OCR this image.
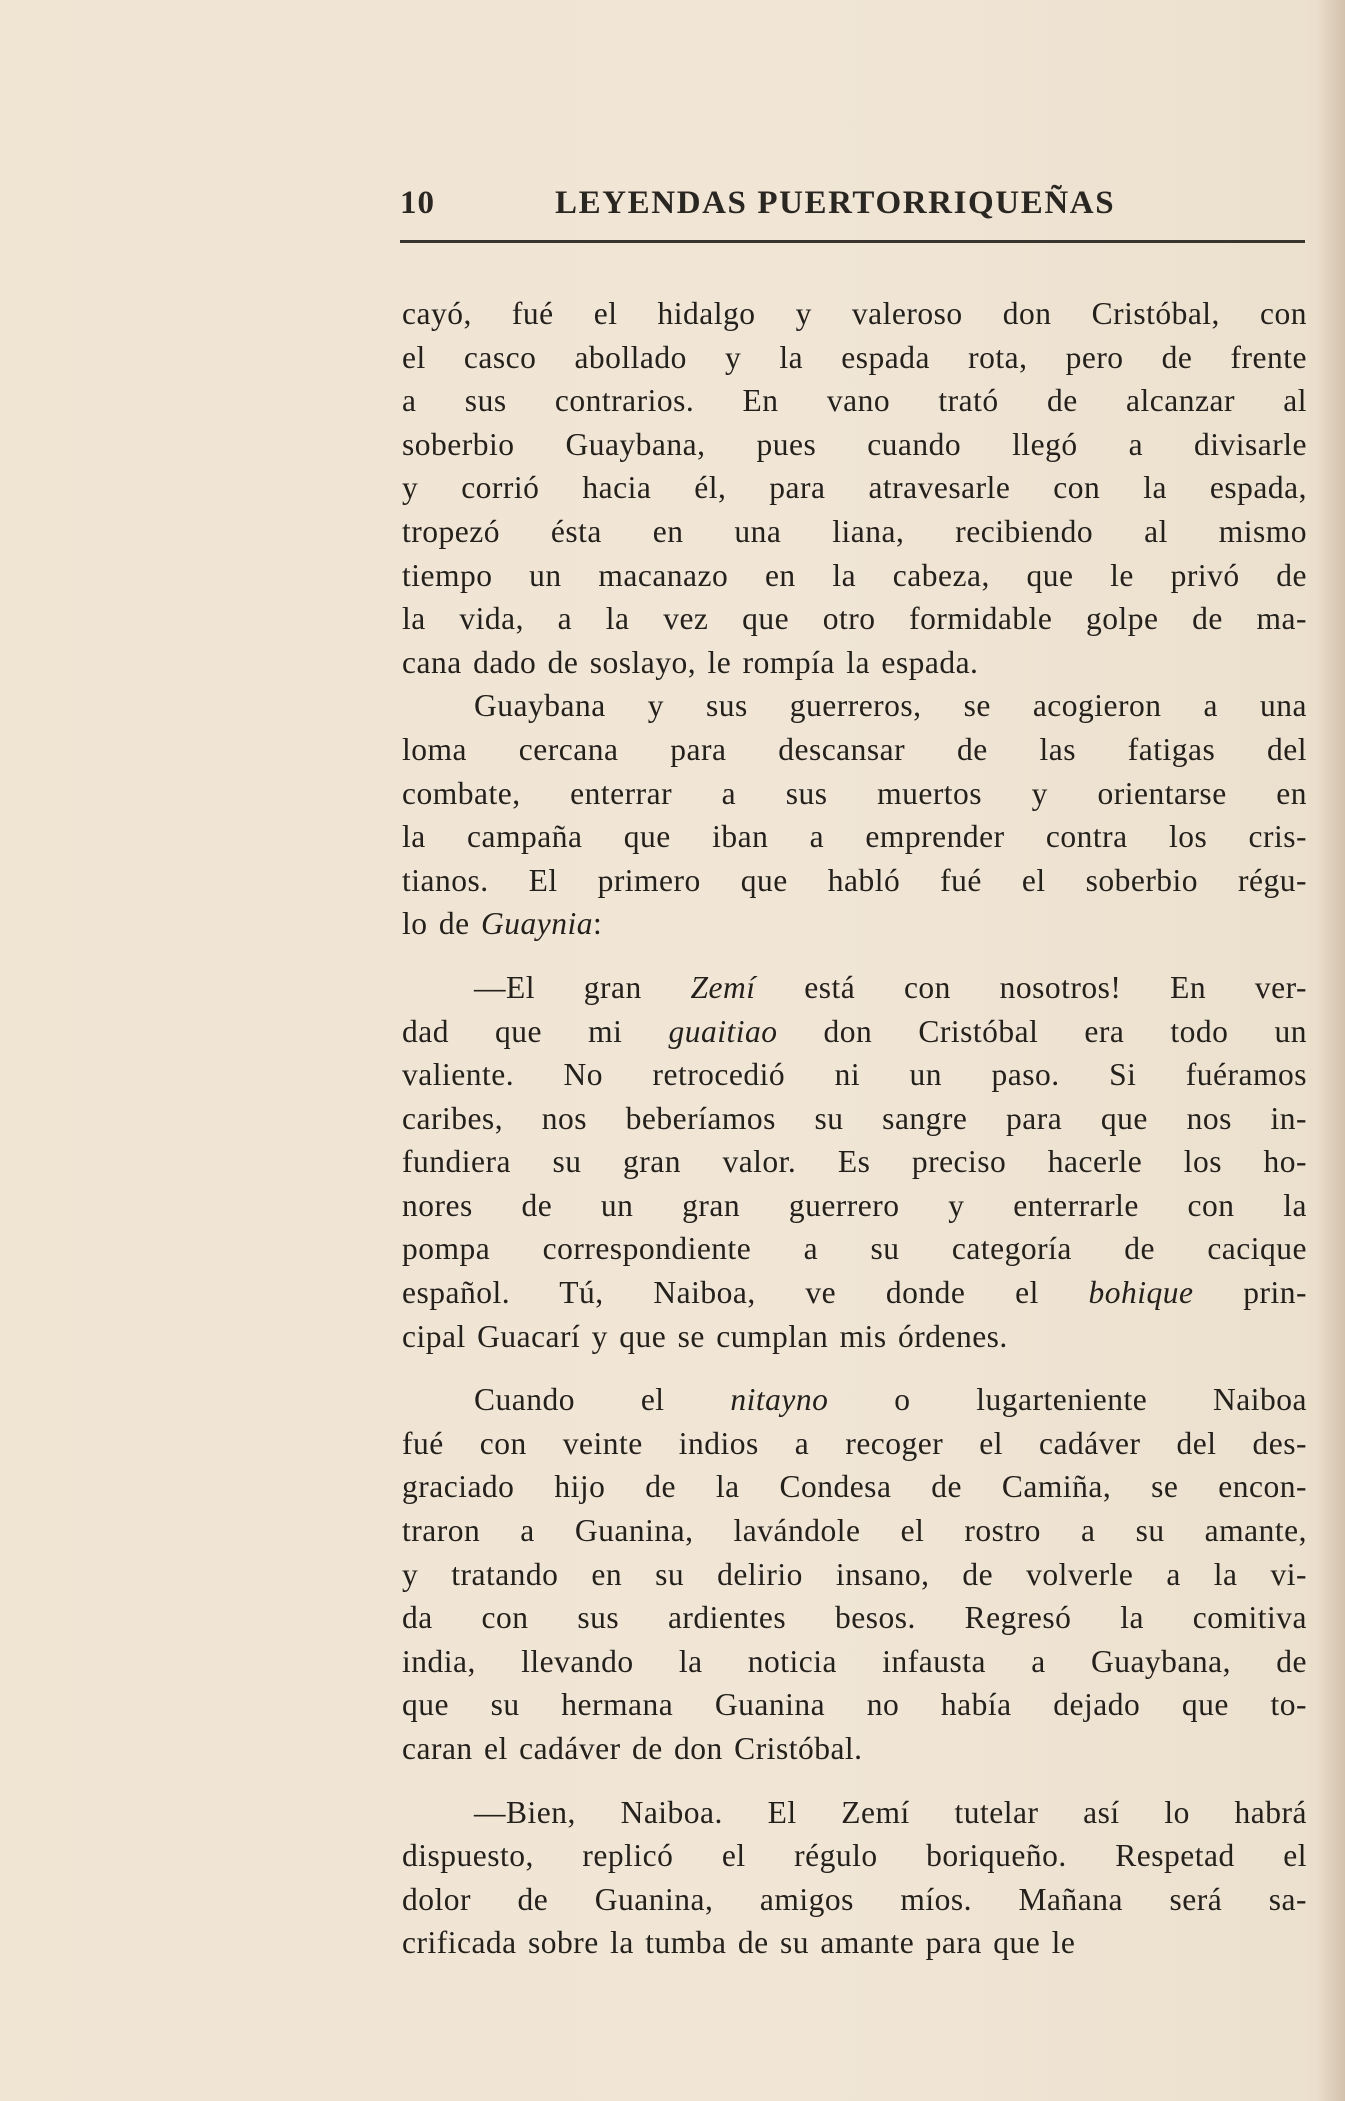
10	LEYENDAS PUERTORRIQUEÑAS
cayó, fué el hidalgo y valeroso don Cristóbal, con
el casco abollado y la espada rota, pero de frente
a sus contrarios. En vano trató de alcanzar al
soberbio Guaybana, pues cuando llegó a divisarle
y corrió hacia él, para atravesarle con la espada,
tropezó ésta en una liana, recibiendo al mismo
tiempo un macanazo en la cabeza, que le privó de
la vida, a la vez que otro formidable golpe de ma-
cana dado de soslayo, le rompía la espada.
Guaybana y sus guerreros, se acogieron a una
loma cercana para descansar de las fatigas del
combate, enterrar a sus muertos y orientarse en
la campaña que iban a emprender contra los cris-
tianos. El primero que habló fué el soberbio régu-
lo de Guaynia:
—El gran Zemí está con nosotros! En ver-
dad que mi guaitiao don Cristóbal era todo un
valiente. No retrocedió ni un paso. Si fuéramos
caribes, nos beberíamos su sangre para que nos in-
fundiera su gran valor. Es preciso hacerle los ho-
nores de un gran guerrero y enterrarle con la
pompa correspondiente a su categoría de cacique
español. Tú, Naiboa, ve donde el bohique prin-
cipal Guacarí y que se cumplan mis órdenes.
Cuando el nitayno o lugarteniente Naiboa
fué con veinte indios a recoger el cadáver del des-
graciado hijo de la Condesa de Camiña, se encon-
traron a Guanina, lavándole el rostro a su amante,
y tratando en su delirio insano, de volverle a la vi-
da con sus ardientes besos. Regresó la comitiva
india, llevando la noticia infausta a Guaybana, de
que su hermana Guanina no había dejado que to-
caran el cadáver de don Cristóbal.
—Bien, Naiboa. El Zemí tutelar así lo habrá
dispuesto, replicó el régulo boriqueño. Respetad el
dolor de Guanina, amigos míos. Mañana será sa-
crificada sobre la tumba de su amante para que le
